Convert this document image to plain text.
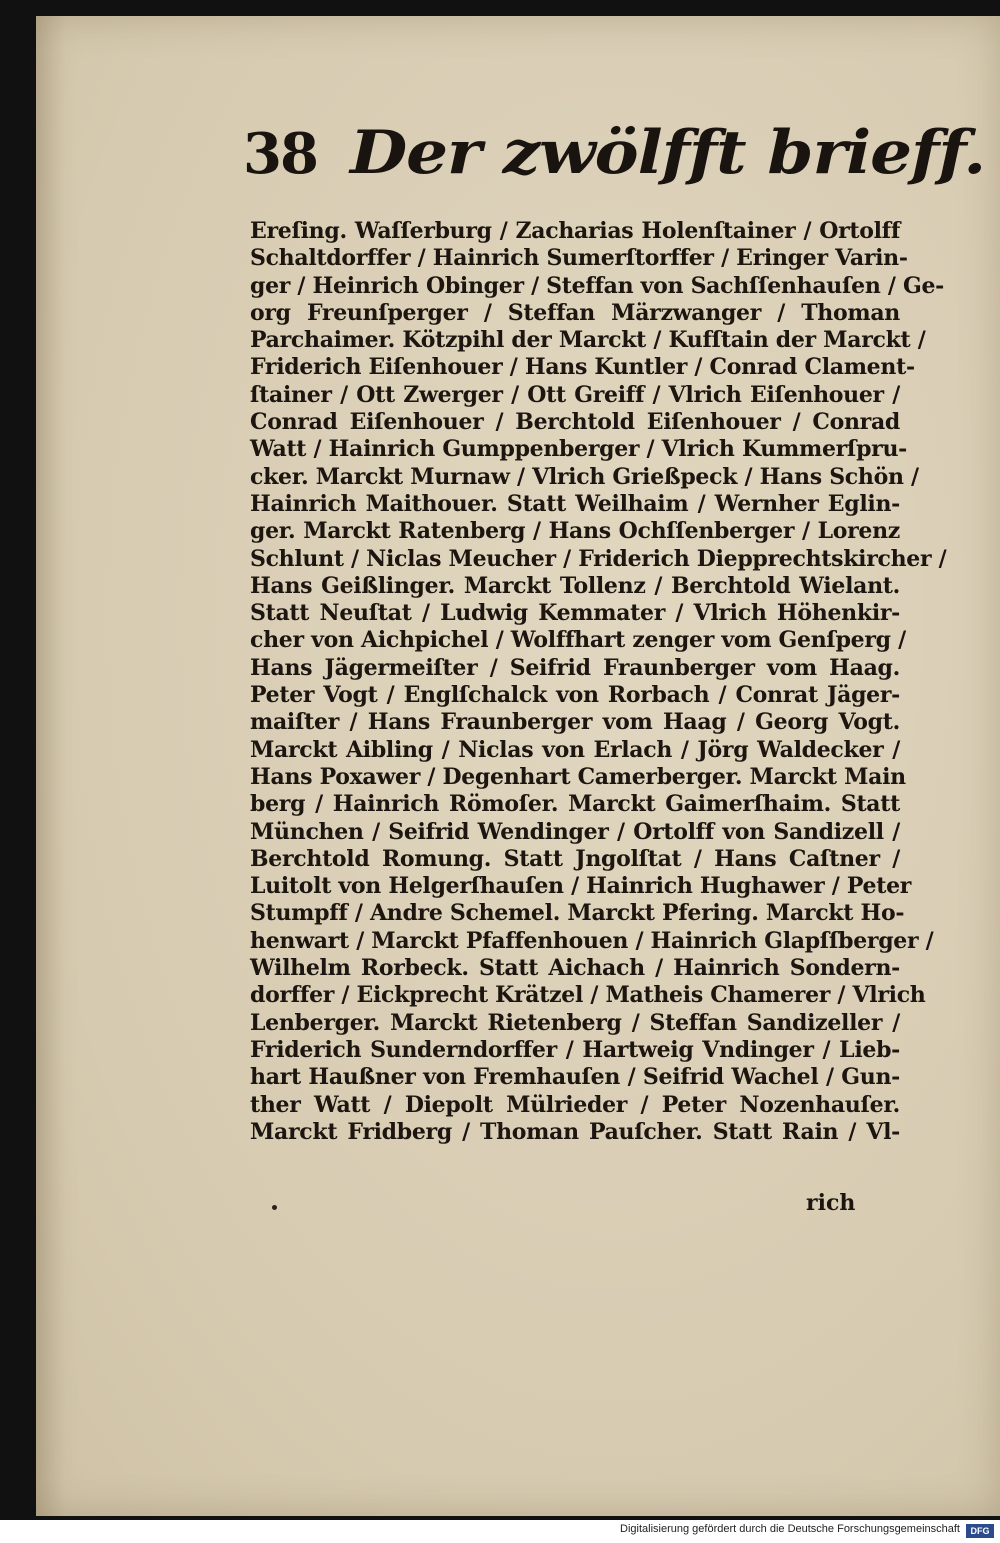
38 Der zwölfft brieff.
Ereſing. Waſſerburg / Zacharias Holenſtainer / Ortolff
Schaltdorffer / Hainrich Sumerſtorffer / Eringer Varin-
ger / Heinrich Obinger / Steffan von Sachſſenhauſen / Ge-
org Freunſperger / Steffan Märzwanger / Thoman
Parchaimer. Kötzpihl der Marckt / Kufſtain der Marckt /
Friderich Eiſenhouer / Hans Kuntler / Conrad Clament-
ſtainer / Ott Zwerger / Ott Greiff / Vlrich Eiſenhouer /
Conrad Eiſenhouer / Berchtold Eiſenhouer / Conrad
Watt / Hainrich Gumppenberger / Vlrich Kummerſpru-
cker. Marckt Murnaw / Vlrich Grießpeck / Hans Schön /
Hainrich Maithouer. Statt Weilhaim / Wernher Eglin-
ger. Marckt Ratenberg / Hans Ochſſenberger / Lorenz
Schlunt / Niclas Meucher / Friderich Diepprechtskircher /
Hans Geißlinger. Marckt Tollenz / Berchtold Wielant.
Statt Neuſtat / Ludwig Kemmater / Vlrich Höhenkir-
cher von Aichpichel / Wolffhart zenger vom Genſperg /
Hans Jägermeiſter / Seifrid Fraunberger vom Haag.
Peter Vogt / Englſchalck von Rorbach / Conrat Jäger-
maiſter / Hans Fraunberger vom Haag / Georg Vogt.
Marckt Aibling / Niclas von Erlach / Jörg Waldecker /
Hans Poxawer / Degenhart Camerberger. Marckt Main
berg / Hainrich Römoſer. Marckt Gaimerſhaim. Statt
München / Seifrid Wendinger / Ortolff von Sandizell /
Berchtold Romung. Statt Jngolſtat / Hans Caſtner /
Luitolt von Helgerſhauſen / Hainrich Hughawer / Peter
Stumpff / Andre Schemel. Marckt Pfering. Marckt Ho-
henwart / Marckt Pfaffenhouen / Hainrich Glapſſberger /
Wilhelm Rorbeck. Statt Aichach / Hainrich Sondern-
dorffer / Eickprecht Krätzel / Matheis Chamerer / Vlrich
Lenberger. Marckt Rietenberg / Steffan Sandizeller /
Friderich Sunderndorffer / Hartweig Vndinger / Lieb-
hart Haußner von Fremhauſen / Seifrid Wachel / Gun-
ther Watt / Diepolt Mülrieder / Peter Nozenhauſer.
Marckt Fridberg / Thoman Pauſcher. Statt Rain / Vl-
rich
Digitalisierung gefördert durch die Deutsche Forschungsgemeinschaft	DFG
